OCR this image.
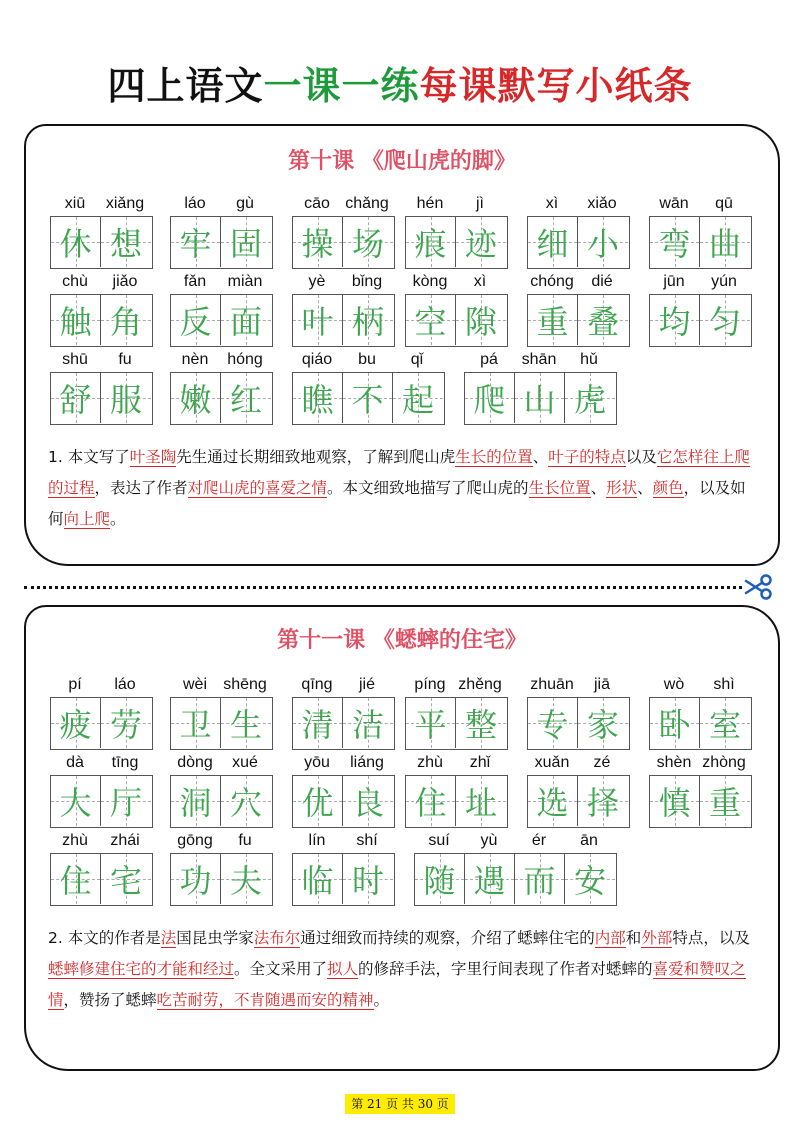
四上语文一课一练每课默写小纸条
第十课 《爬山虎的脚》
xiū	xiǎng
休 想
láo	gù
牢 固
cāo chǎng
操 场
hén	jì
痕 迹
xì	xiǎo
细 小
wān	qū
弯 曲
chù	jiǎo
触 角
fǎn	miàn
反 面
yè	bǐng
叶 柄
kòng	xì
空 隙
chóng	dié
重 叠
jūn	yún
均 匀
shū	fu
舒 服
nèn	hóng
嫩 红
qiáo	bu	qǐ
瞧 不 起
pá	shān	hǔ
爬 山 虎
1. 本文写了叶圣陶先生通过长期细致地观察，了解到爬山虎生长的位置、叶子的特点以及它怎样往上爬的过程，表达了作者对爬山虎的喜爱之情。本文细致地描写了爬山虎的生长位置、形状、颜色，以及如何向上爬。
第十一课 《蟋蟀的住宅》
pí	láo
疲 劳
wèi	shēng
卫 生
qīng	jié
清 洁
píng zhěng
平 整
zhuān	jiā
专 家
wò	shì
卧 室
dà	tīng
大 厅
dòng	xué
洞 穴
yōu	liáng
优 良
zhù	zhǐ
住 址
xuǎn	zé
选 择
shèn zhòng
慎 重
zhù	zhái
住 宅
gōng	fu
功 夫
lín	shí
临 时
suí	yù	ér	ān
随 遇 而 安
2. 本文的作者是法国昆虫学家法布尔通过细致而持续的观察，介绍了蟋蟀住宅的内部和外部特点，以及蟋蟀修建住宅的才能和经过。全文采用了拟人的修辞手法，字里行间表现了作者对蟋蟀的喜爱和赞叹之情，赞扬了蟋蟀吃苦耐劳，不肯随遇而安的精神。
第 21 页 共 30 页
